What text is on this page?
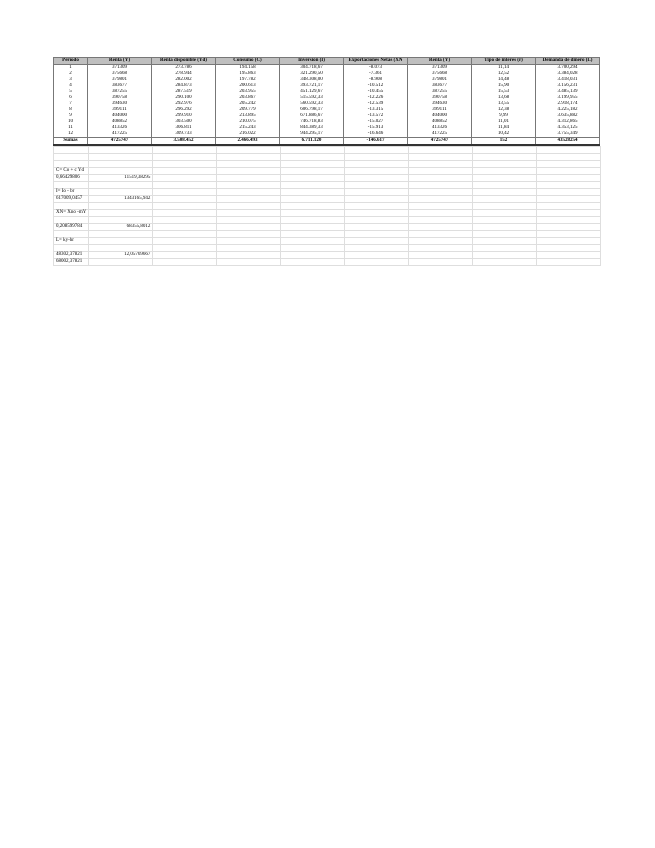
Período	Renta (Y)	Renta disponible (Yd)	Consumo (C)	Inversión (I)	Exportaciones Netas (XN	Renta (Y)	Tipo de interés (r)	Demanda de dinero (L)
1	371309	273.786	194.158	304.718,67	-8.073	371309	11,14	3.700,294
2	375668	278.944	195.863	321.290,50	-7.361	375668	12,52	3.384,028
3	379801	282.002	197.782	348.308,00	-8.908	379801	14,48	3.418,031
4	383677	284.873	200.613	393.721,17	-10.512	383677	15,90	3.156,231
5	387255	287.519	203.955	451.129,67	-10.455	387255	15,53	3.485,139
6	390758	290.100	203.867	515.592,33	-12.226	390758	13,68	3.199,955
7	394630	292.976	205.242	560.592,33	-12.539	394630	13,55	2.918,174
8	399111	296.292	209.779	606.798,17	-13.315	399111	12,38	4.225,182
9	404000	299.910	213.895	671.886,67	-13.572	404000	9,99	3.635,882
10	408852	303.500	210.075	746.718,83	-15.027	408852	11,01	4.312,865
11	413326	306.811	215.243	844.389,33	-15.913	413326	11,84	4.353,125
12	417225	309.733	216.022	944.295,17	-16.646	417225	10,42	3.755,349
Sumas	4725747	3.508.452	2.466.493	6.711.120	-146.617	4725747	152	43528254

C= Co + c Yd								
0,66429806	11519,38295							

I= Io - br								
617009,0457	1343165,942							

XN= Xno -mY								

0,208599784	68355,8012							

L= ky-hr								

48302,37821	12,05769667							
68002,37821								
